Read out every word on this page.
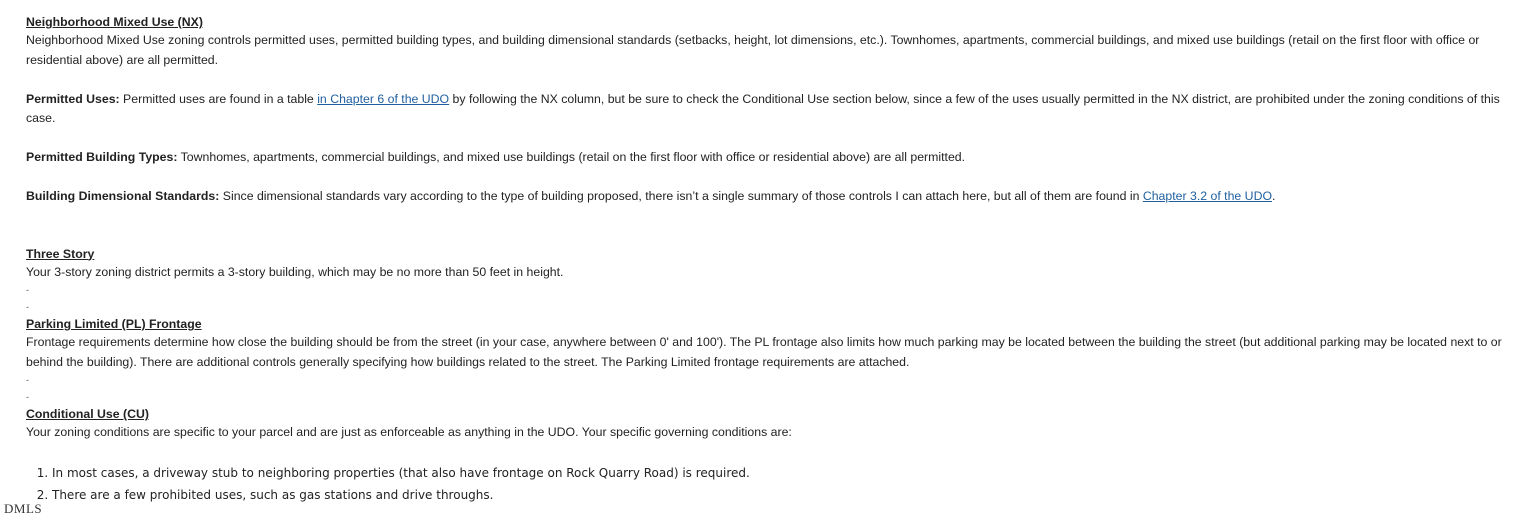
Neighborhood Mixed Use (NX)

Neighborhood Mixed Use zoning controls permitted uses, permitted building types, and building dimensional standards (setbacks, height, lot dimensions, etc.). Townhomes, apartments, commercial buildings, and mixed use buildings (retail on the first floor with office or residential above) are all permitted.

Permitted Uses: Permitted uses are found in a table in Chapter 6 of the UDO by following the NX column, but be sure to check the Conditional Use section below, since a few of the uses usually permitted in the NX district, are prohibited under the zoning conditions of this case.

Permitted Building Types: Townhomes, apartments, commercial buildings, and mixed use buildings (retail on the first floor with office or residential above) are all permitted.

Building Dimensional Standards: Since dimensional standards vary according to the type of building proposed, there isn’t a single summary of those controls I can attach here, but all of them are found in Chapter 3.2 of the UDO.

Three Story

Your 3-story zoning district permits a 3-story building, which may be no more than 50 feet in height.

-
-
Parking Limited (PL) Frontage

Frontage requirements determine how close the building should be from the street (in your case, anywhere between 0' and 100'). The PL frontage also limits how much parking may be located between the building the street (but additional parking may be located next to or behind the building). There are additional controls generally specifying how buildings related to the street. The Parking Limited frontage requirements are attached.

-
-
Conditional Use (CU)

Your zoning conditions are specific to your parcel and are just as enforceable as anything in the UDO. Your specific governing conditions are:

1. In most cases, a driveway stub to neighboring properties (that also have frontage on Rock Quarry Road) is required.
2. There are a few prohibited uses, such as gas stations and drive throughs.
DMLS
